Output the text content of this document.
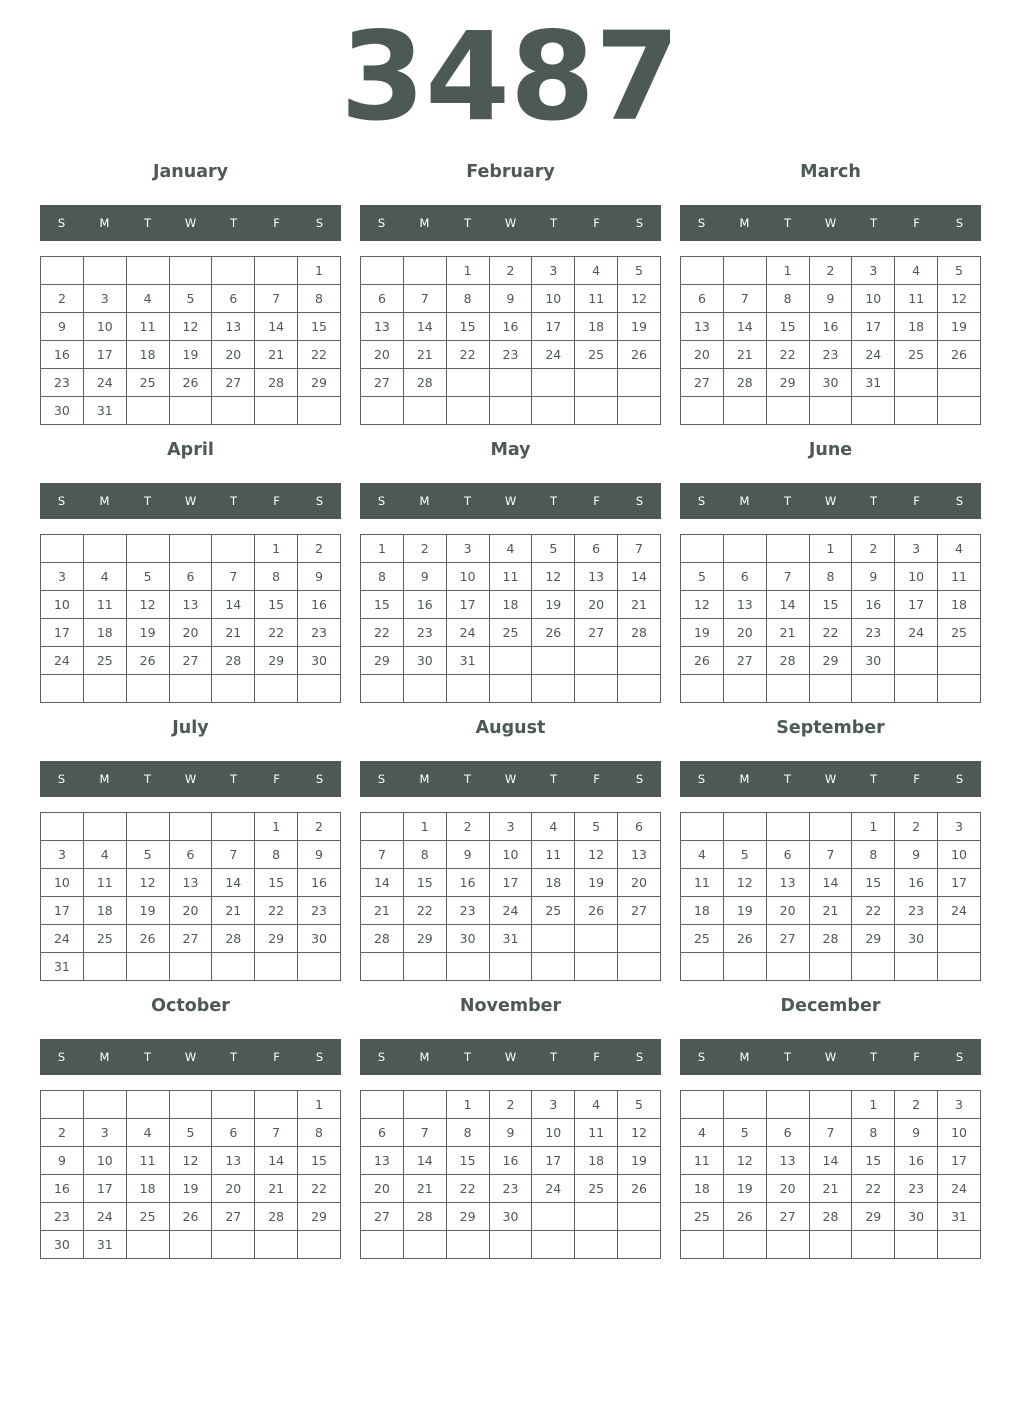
3487
January
S	M	T	W	T	F	S
						1
2	3	4	5	6	7	8
9	10	11	12	13	14	15
16	17	18	19	20	21	22
23	24	25	26	27	28	29
30	31					
February
S	M	T	W	T	F	S
		1	2	3	4	5
6	7	8	9	10	11	12
13	14	15	16	17	18	19
20	21	22	23	24	25	26
27	28					

March
S	M	T	W	T	F	S
		1	2	3	4	5
6	7	8	9	10	11	12
13	14	15	16	17	18	19
20	21	22	23	24	25	26
27	28	29	30	31		

April
S	M	T	W	T	F	S
					1	2
3	4	5	6	7	8	9
10	11	12	13	14	15	16
17	18	19	20	21	22	23
24	25	26	27	28	29	30

May
S	M	T	W	T	F	S
1	2	3	4	5	6	7
8	9	10	11	12	13	14
15	16	17	18	19	20	21
22	23	24	25	26	27	28
29	30	31				

June
S	M	T	W	T	F	S
			1	2	3	4
5	6	7	8	9	10	11
12	13	14	15	16	17	18
19	20	21	22	23	24	25
26	27	28	29	30		

July
S	M	T	W	T	F	S
					1	2
3	4	5	6	7	8	9
10	11	12	13	14	15	16
17	18	19	20	21	22	23
24	25	26	27	28	29	30
31						
August
S	M	T	W	T	F	S
	1	2	3	4	5	6
7	8	9	10	11	12	13
14	15	16	17	18	19	20
21	22	23	24	25	26	27
28	29	30	31			

September
S	M	T	W	T	F	S
				1	2	3
4	5	6	7	8	9	10
11	12	13	14	15	16	17
18	19	20	21	22	23	24
25	26	27	28	29	30	

October
S	M	T	W	T	F	S
						1
2	3	4	5	6	7	8
9	10	11	12	13	14	15
16	17	18	19	20	21	22
23	24	25	26	27	28	29
30	31					
November
S	M	T	W	T	F	S
		1	2	3	4	5
6	7	8	9	10	11	12
13	14	15	16	17	18	19
20	21	22	23	24	25	26
27	28	29	30			

December
S	M	T	W	T	F	S
				1	2	3
4	5	6	7	8	9	10
11	12	13	14	15	16	17
18	19	20	21	22	23	24
25	26	27	28	29	30	31
